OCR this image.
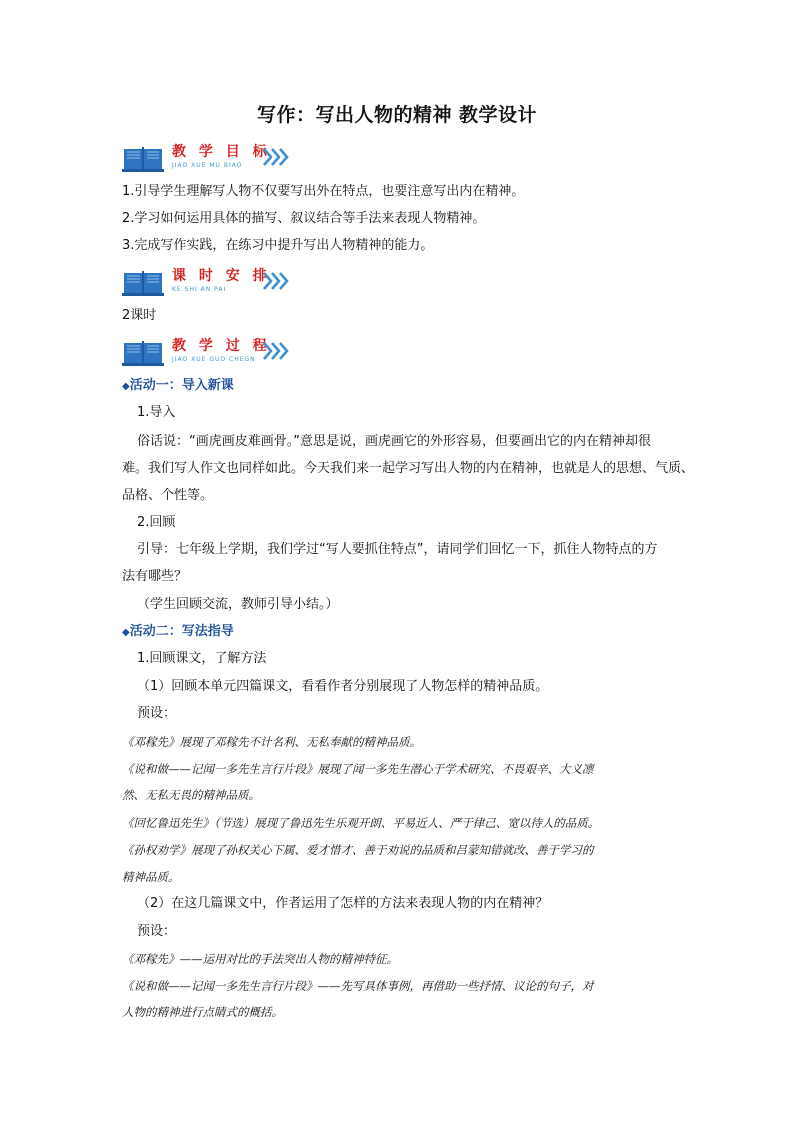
写作：写出人物的精神 教学设计
教 学 目 标
JIAO XUE MU BIAO
1.引导学生理解写人物不仅要写出外在特点，也要注意写出内在精神。
2.学习如何运用具体的描写、叙议结合等手法来表现人物精神。
3.完成写作实践，在练习中提升写出人物精神的能力。
课 时 安 排
KE SHI AN PAI
2课时
教 学 过 程
JIAO XUE GUO CHEGN
◆活动一：导入新课
1.导入
俗话说：“画虎画皮难画骨。”意思是说，画虎画它的外形容易，但要画出它的内在精神却很
难。我们写人作文也同样如此。今天我们来一起学习写出人物的内在精神，也就是人的思想、气质、
品格、个性等。
2.回顾
引导：七年级上学期，我们学过“写人要抓住特点”，请同学们回忆一下，抓住人物特点的方
法有哪些？
（学生回顾交流，教师引导小结。）
◆活动二：写法指导
1.回顾课文，了解方法
（1）回顾本单元四篇课文，看看作者分别展现了人物怎样的精神品质。
预设：
《邓稼先》展现了邓稼先不计名利、无私奉献的精神品质。
《说和做——记闻一多先生言行片段》展现了闻一多先生潜心于学术研究、不畏艰辛、大义凛
然、无私无畏的精神品质。
《回忆鲁迅先生》（节选）展现了鲁迅先生乐观开朗、平易近人、严于律己、宽以待人的品质。
《孙权劝学》展现了孙权关心下属、爱才惜才、善于劝说的品质和吕蒙知错就改、善于学习的
精神品质。
（2）在这几篇课文中，作者运用了怎样的方法来表现人物的内在精神？
预设：
《邓稼先》——运用对比的手法突出人物的精神特征。
《说和做——记闻一多先生言行片段》——先写具体事例，再借助一些抒情、议论的句子，对
人物的精神进行点睛式的概括。
